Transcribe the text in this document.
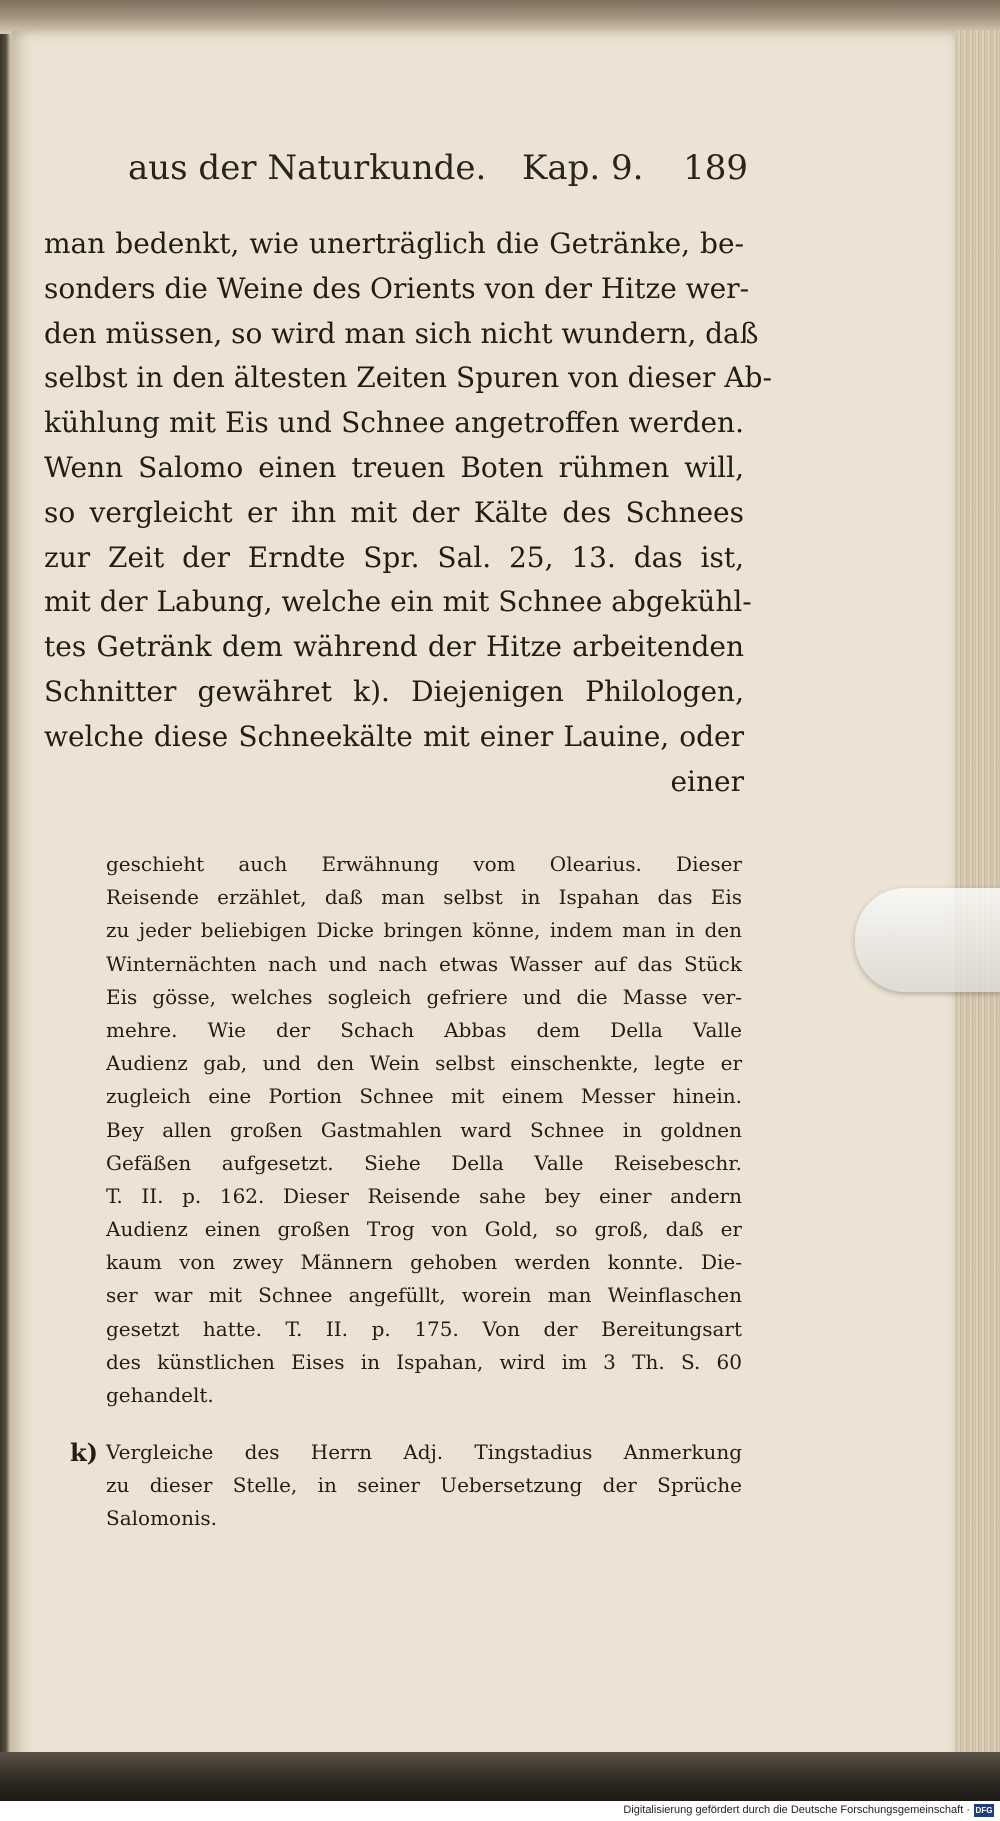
aus der Naturkunde. Kap. 9. 189
man bedenkt, wie unerträglich die Getränke, be-
sonders die Weine des Orients von der Hitze wer-
den müssen, so wird man sich nicht wundern, daß
selbst in den ältesten Zeiten Spuren von dieser Ab-
kühlung mit Eis und Schnee angetroffen werden.
Wenn Salomo einen treuen Boten rühmen will,
so vergleicht er ihn mit der Kälte des Schnees
zur Zeit der Erndte Spr. Sal. 25, 13. das ist,
mit der Labung, welche ein mit Schnee abgekühl-
tes Getränk dem während der Hitze arbeitenden
Schnitter gewähret k). Diejenigen Philologen,
welche diese Schneekälte mit einer Lauine, oder
einer
geschieht auch Erwähnung vom Olearius. Dieser
Reisende erzählet, daß man selbst in Ispahan das Eis
zu jeder beliebigen Dicke bringen könne, indem man in den
Winternächten nach und nach etwas Wasser auf das Stück
Eis gösse, welches sogleich gefriere und die Masse ver-
mehre. Wie der Schach Abbas dem Della Valle
Audienz gab, und den Wein selbst einschenkte, legte er
zugleich eine Portion Schnee mit einem Messer hinein.
Bey allen großen Gastmahlen ward Schnee in goldnen
Gefäßen aufgesetzt. Siehe Della Valle Reisebeschr.
T. II. p. 162. Dieser Reisende sahe bey einer andern
Audienz einen großen Trog von Gold, so groß, daß er
kaum von zwey Männern gehoben werden konnte. Die-
ser war mit Schnee angefüllt, worein man Weinflaschen
gesetzt hatte. T. II. p. 175. Von der Bereitungsart
des künstlichen Eises in Ispahan, wird im 3 Th. S. 60
gehandelt.
k) Vergleiche des Herrn Adj. Tingstadius Anmerkung
zu dieser Stelle, in seiner Uebersetzung der Sprüche
Salomonis.
Digitalisierung gefördert durch die Deutsche Forschungsgemeinschaft · DFG
